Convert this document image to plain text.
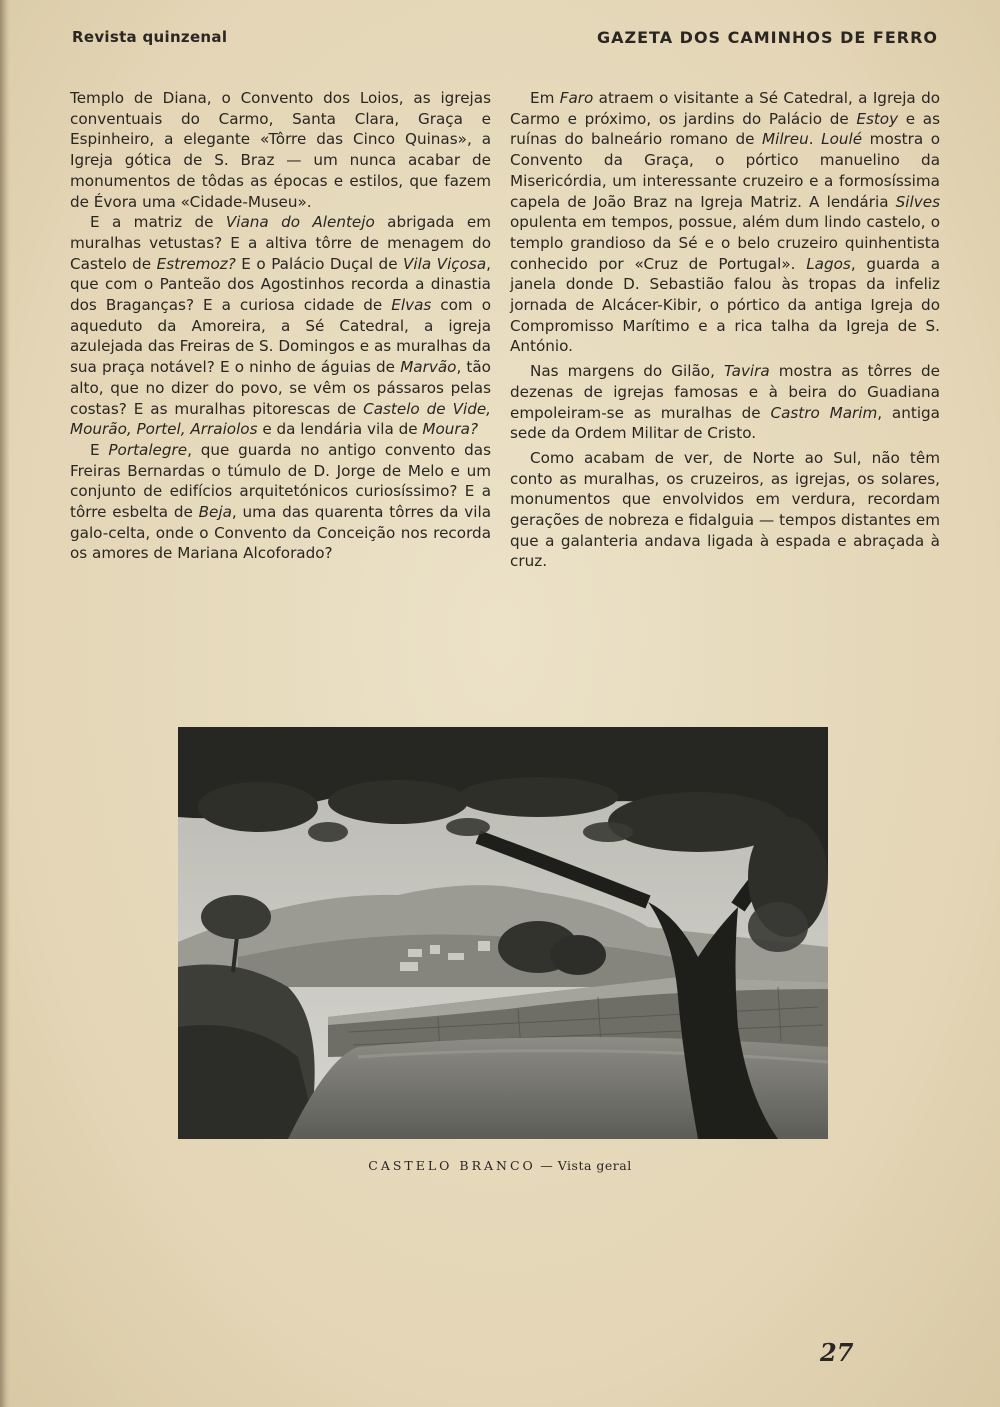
Revista quinzenal	GAZETA DOS CAMINHOS DE FERRO

Templo de Diana, o Convento dos Loios, as igrejas conventuais do Carmo, Santa Clara, Graça e Espinheiro, a elegante «Tôrre das Cinco Quinas», a Igreja gótica de S. Braz — um nunca acabar de monumentos de tôdas as épocas e estilos, que fazem de Évora uma «Cidade-Museu».

E a matriz de Viana do Alentejo abrigada em muralhas vetustas? E a altiva tôrre de menagem do Castelo de Estremoz? E o Palácio Duçal de Vila Viçosa, que com o Panteão dos Agostinhos recorda a dinastia dos Braganças? E a curiosa cidade de Elvas com o aqueduto da Amoreira, a Sé Catedral, a igreja azulejada das Freiras de S. Domingos e as muralhas da sua praça notável? E o ninho de águias de Marvão, tão alto, que no dizer do povo, se vêm os pássaros pelas costas? E as muralhas pitorescas de Castelo de Vide, Mourão, Portel, Arraiolos e da lendária vila de Moura?

E Portalegre, que guarda no antigo convento das Freiras Bernardas o túmulo de D. Jorge de Melo e um conjunto de edifícios arquitetónicos curiosíssimo? E a tôrre esbelta de Beja, uma das quarenta tôrres da vila galo-celta, onde o Convento da Conceição nos recorda os amores de Mariana Alcoforado?

Em Faro atraem o visitante a Sé Catedral, a Igreja do Carmo e próximo, os jardins do Palácio de Estoy e as ruínas do balneário romano de Milreu. Loulé mostra o Convento da Graça, o pórtico manuelino da Misericórdia, um interessante cruzeiro e a formosíssima capela de João Braz na Igreja Matriz. A lendária Silves opulenta em tempos, possue, além dum lindo castelo, o templo grandioso da Sé e o belo cruzeiro quinhentista conhecido por «Cruz de Portugal». Lagos, guarda a janela donde D. Sebastião falou às tropas da infeliz jornada de Alcácer-Kibir, o pórtico da antiga Igreja do Compromisso Marítimo e a rica talha da Igreja de S. António.

Nas margens do Gilão, Tavira mostra as tôrres de dezenas de igrejas famosas e à beira do Guadiana empoleiram-se as muralhas de Castro Marim, antiga sede da Ordem Militar de Cristo.

Como acabam de ver, de Norte ao Sul, não têm conto as muralhas, os cruzeiros, as igrejas, os solares, monumentos que envolvidos em verdura, recordam gerações de nobreza e fidalguia — tempos distantes em que a galanteria andava ligada à espada e abraçada à cruz.

CASTELO BRANCO — Vista geral
27
